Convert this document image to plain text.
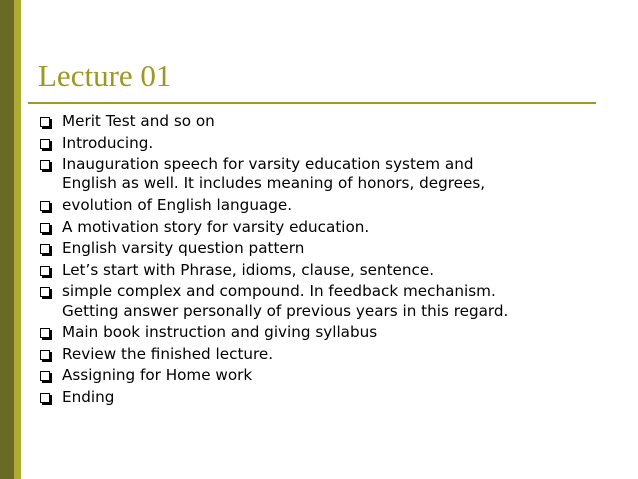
Lecture 01
Merit Test and so on
Introducing.
Inauguration speech for varsity education system and
English as well. It includes meaning of honors, degrees,
evolution of English language.
A motivation story for varsity education.
English varsity question pattern
Let’s start with Phrase, idioms, clause, sentence.
simple complex and compound. In feedback mechanism.
Getting answer personally of previous years in this regard.
Main book instruction and giving syllabus
Review the finished lecture.
Assigning for Home work
Ending
